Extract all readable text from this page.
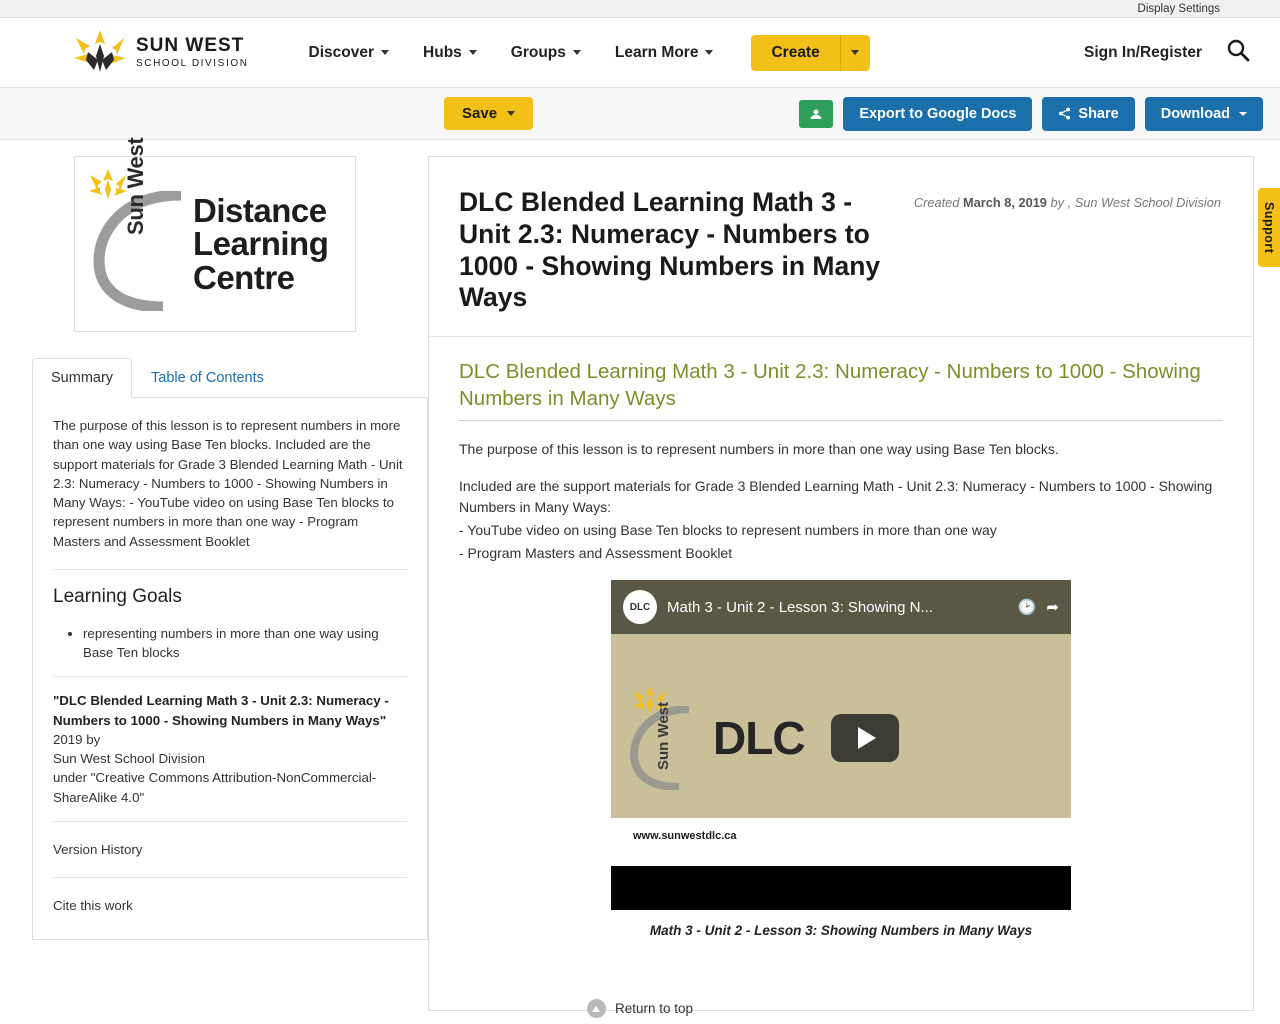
Display Settings
SUN WEST
SCHOOL DIVISION
Discover	Hubs	Groups	Learn More	Create	Sign In/Register
Save	Export to Google Docs	Share	Download
Sun West Distance
Learning
Centre
Summary	Table of Contents

The purpose of this lesson is to represent numbers in more than one way using Base Ten blocks. Included are the support materials for Grade 3 Blended Learning Math - Unit 2.3: Numeracy - Numbers to 1000 - Showing Numbers in Many Ways: - YouTube video on using Base Ten blocks to represent numbers in more than one way - Program Masters and Assessment Booklet

Learning Goals
• representing numbers in more than one way using Base Ten blocks
"DLC Blended Learning Math 3 - Unit 2.3: Numeracy - Numbers to 1000 - Showing Numbers in Many Ways" 2019 by
Sun West School Division
under "Creative Commons Attribution-NonCommercial-ShareAlike 4.0"
Version History
Cite this work
DLC Blended Learning Math 3 - Unit 2.3: Numeracy - Numbers to 1000 - Showing Numbers in Many Ways
Created March 8, 2019 by , Sun West School Division
DLC Blended Learning Math 3 - Unit 2.3: Numeracy - Numbers to 1000 - Showing Numbers in Many Ways

The purpose of this lesson is to represent numbers in more than one way using Base Ten blocks.

Included are the support materials for Grade 3 Blended Learning Math - Unit 2.3: Numeracy - Numbers to 1000 - Showing Numbers in Many Ways:

- YouTube video on using Base Ten blocks to represent numbers in more than one way

- Program Masters and Assessment Booklet

DLC	Math 3 - Unit 2 - Lesson 3: Showing N...	🕑 ➦
Sun West DLC
www.sunwestdlc.ca
Math 3 - Unit 2 - Lesson 3: Showing Numbers in Many Ways
Support
Return to top
